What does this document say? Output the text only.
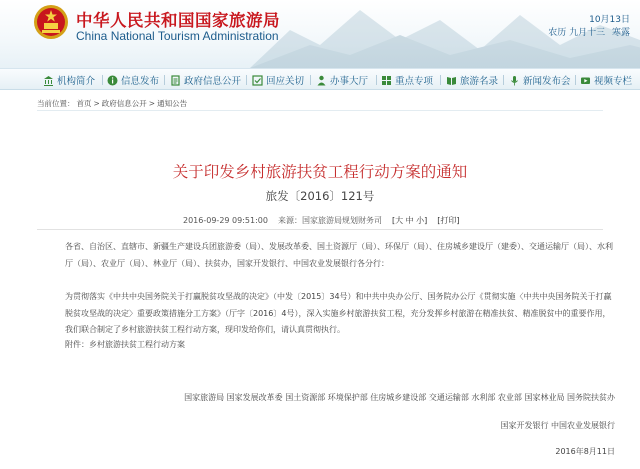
中华人民共和国国家旅游局
China National Tourism Administration
10月13日
农历 九月十三 寒露
机构简介	信息发布	政府信息公开	回应关切	办事大厅	重点专项	旅游名录	新闻发布会 视频专栏
当前位置： 首页 > 政府信息公开 > 通知公告
关于印发乡村旅游扶贫工程行动方案的通知
旅发〔2016〕121号
2016-09-29 09:51:00 来源：国家旅游局规划财务司 [大 中 小] [打印]
各省、自治区、直辖市、新疆生产建设兵团旅游委（局）、发展改革委、国土资源厅（局）、环保厅（局）、住房城乡建设厅（建委）、交通运输厅（局）、水利厅（局）、农业厅（局）、林业厅（局）、扶贫办，国家开发银行、中国农业发展银行各分行：
为贯彻落实《中共中央国务院关于打赢脱贫攻坚战的决定》（中发〔2015〕34号）和中共中央办公厅、国务院办公厅《贯彻实施〈中共中央国务院关于打赢脱贫攻坚战的决定〉重要政策措施分工方案》（厅字〔2016〕4号），深入实施乡村旅游扶贫工程，充分发挥乡村旅游在精准扶贫、精准脱贫中的重要作用，我们联合制定了乡村旅游扶贫工程行动方案，现印发给你们，请认真贯彻执行。
附件：乡村旅游扶贫工程行动方案
国家旅游局 国家发展改革委 国土资源部 环境保护部 住房城乡建设部 交通运输部 水利部 农业部 国家林业局 国务院扶贫办
国家开发银行 中国农业发展银行
2016年8月11日
